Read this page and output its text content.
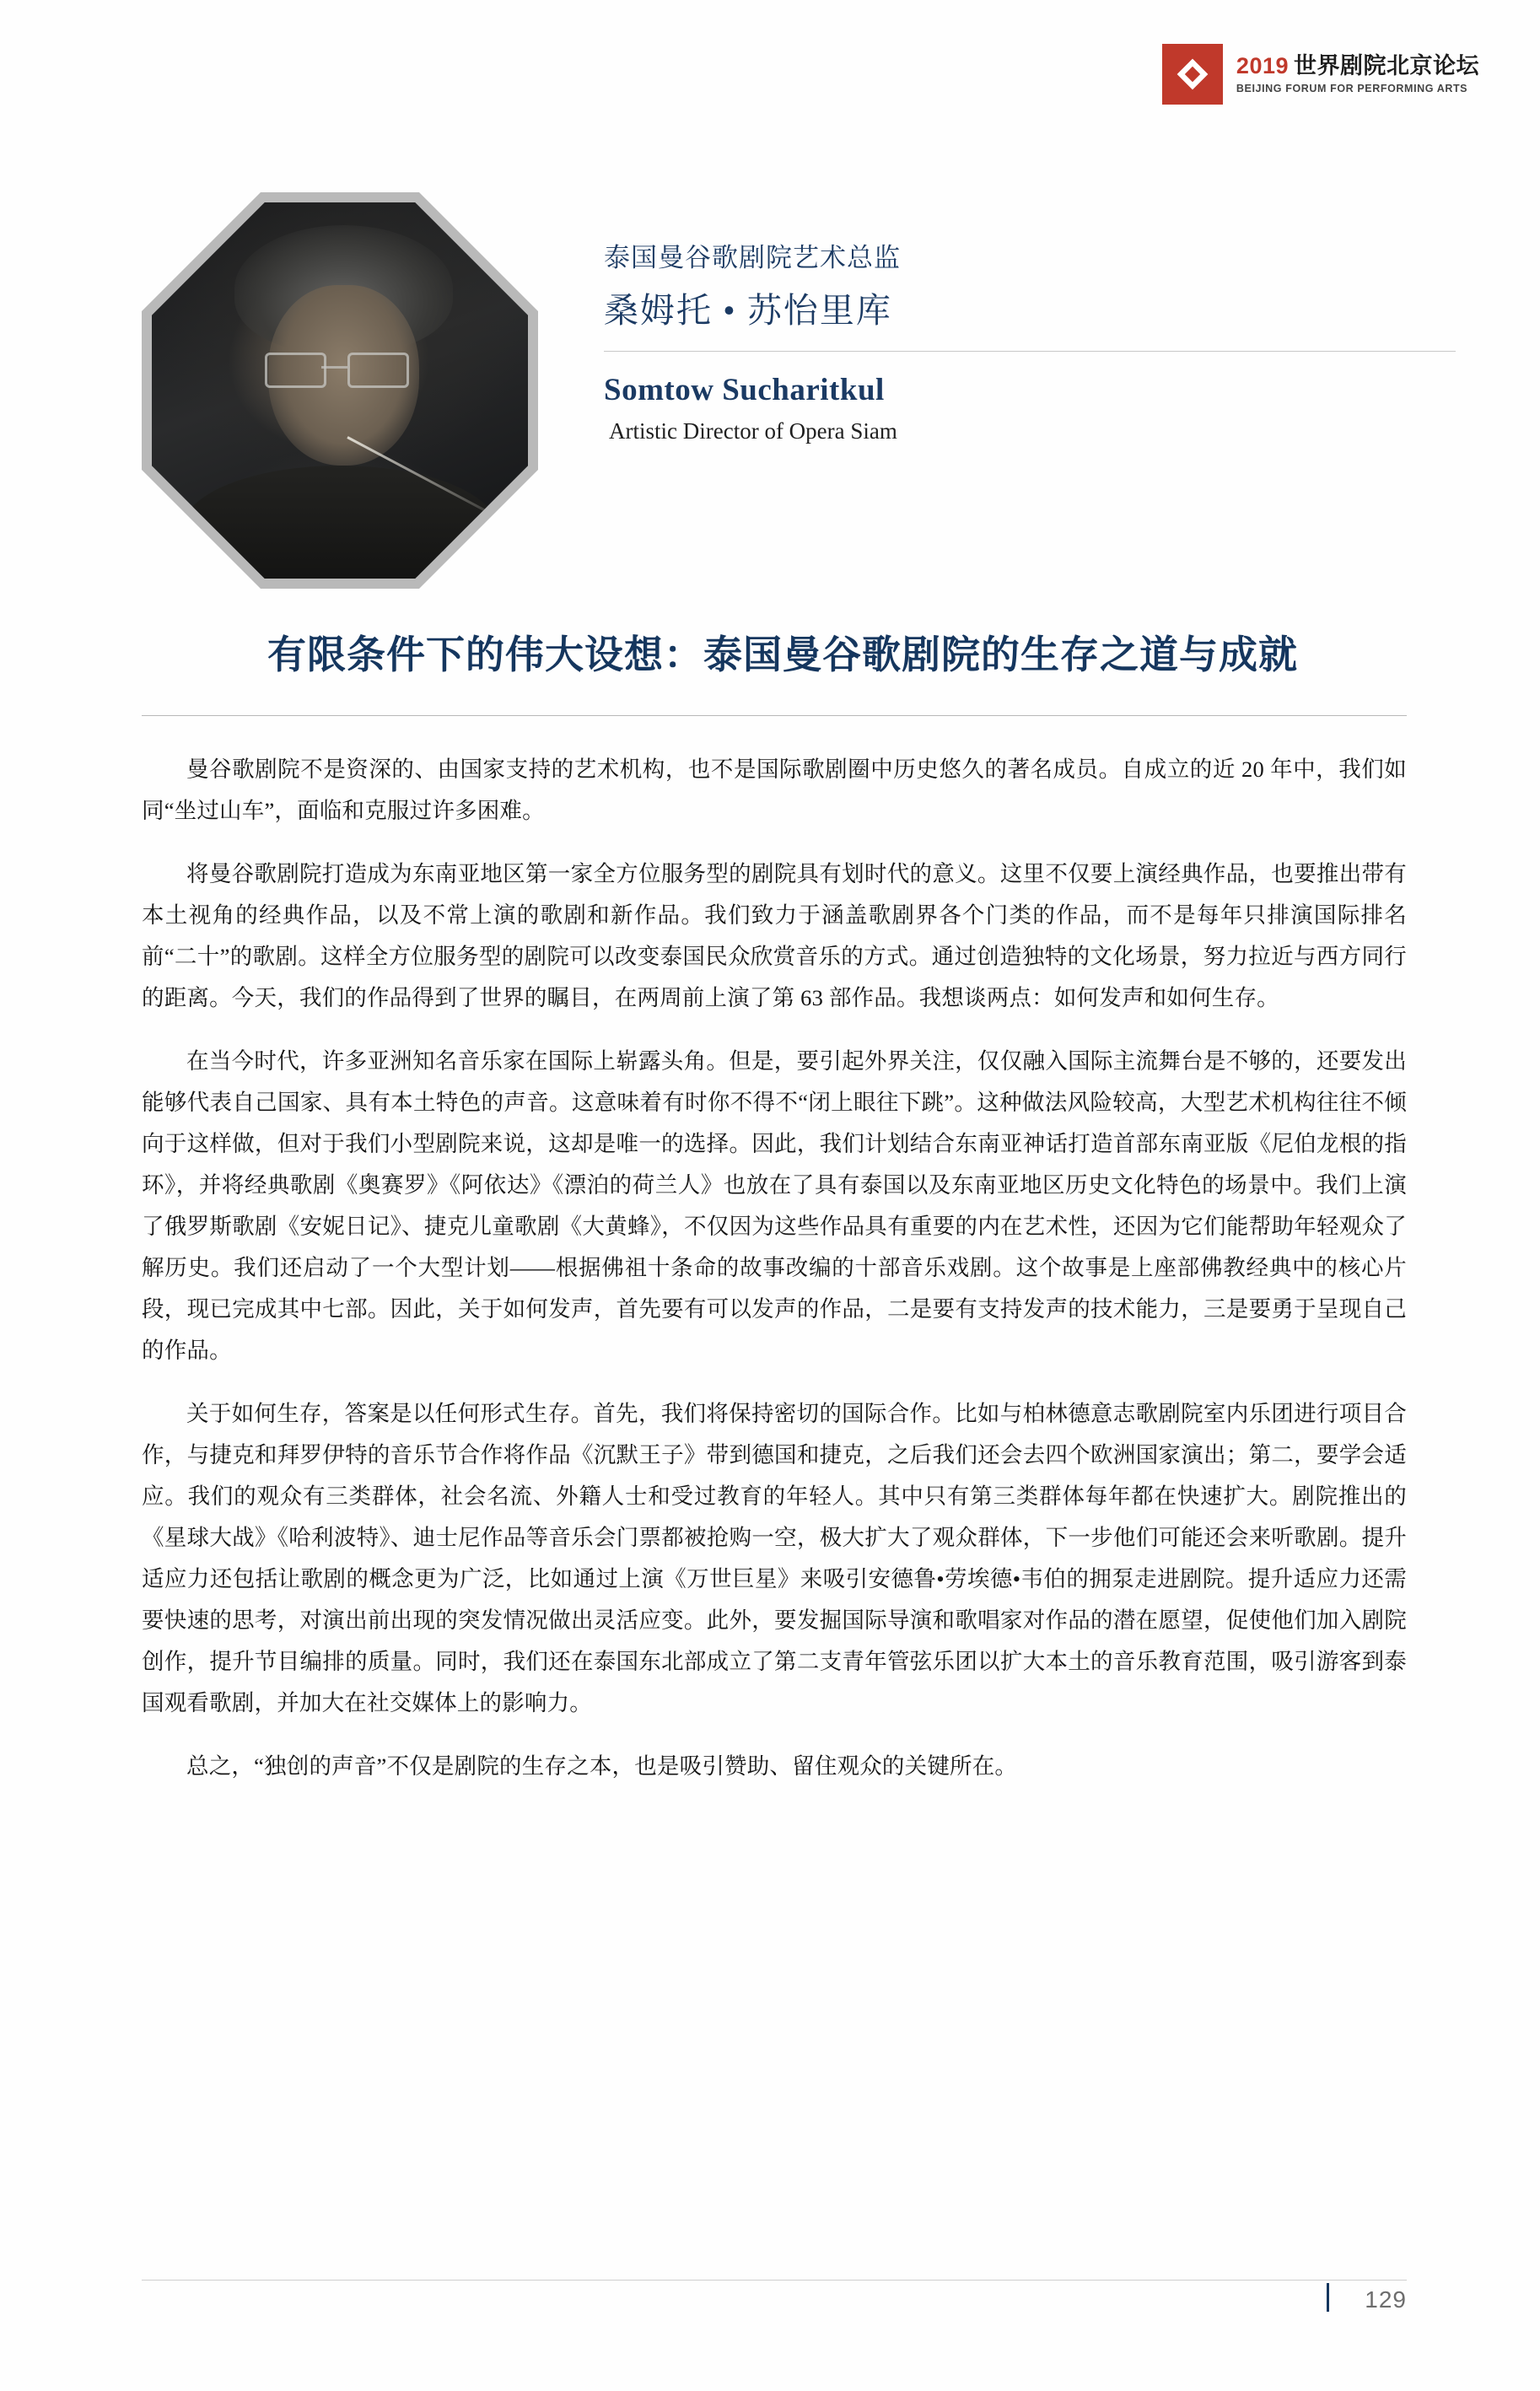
2019 世界剧院北京论坛
BEIJING FORUM FOR PERFORMING ARTS
泰国曼谷歌剧院艺术总监
桑姆托 • 苏怡里库
Somtow Sucharitkul
Artistic Director of Opera Siam
有限条件下的伟大设想：泰国曼谷歌剧院的生存之道与成就

曼谷歌剧院不是资深的、由国家支持的艺术机构，也不是国际歌剧圈中历史悠久的著名成员。自成立的近 20 年中，我们如同“坐过山车”，面临和克服过许多困难。

将曼谷歌剧院打造成为东南亚地区第一家全方位服务型的剧院具有划时代的意义。这里不仅要上演经典作品，也要推出带有本土视角的经典作品，以及不常上演的歌剧和新作品。我们致力于涵盖歌剧界各个门类的作品，而不是每年只排演国际排名前“二十”的歌剧。这样全方位服务型的剧院可以改变泰国民众欣赏音乐的方式。通过创造独特的文化场景，努力拉近与西方同行的距离。今天，我们的作品得到了世界的瞩目，在两周前上演了第 63 部作品。我想谈两点：如何发声和如何生存。

在当今时代，许多亚洲知名音乐家在国际上崭露头角。但是，要引起外界关注，仅仅融入国际主流舞台是不够的，还要发出能够代表自己国家、具有本土特色的声音。这意味着有时你不得不“闭上眼往下跳”。这种做法风险较高，大型艺术机构往往不倾向于这样做，但对于我们小型剧院来说，这却是唯一的选择。因此，我们计划结合东南亚神话打造首部东南亚版《尼伯龙根的指环》，并将经典歌剧《奥赛罗》《阿依达》《漂泊的荷兰人》也放在了具有泰国以及东南亚地区历史文化特色的场景中。我们上演了俄罗斯歌剧《安妮日记》、捷克儿童歌剧《大黄蜂》，不仅因为这些作品具有重要的内在艺术性，还因为它们能帮助年轻观众了解历史。我们还启动了一个大型计划——根据佛祖十条命的故事改编的十部音乐戏剧。这个故事是上座部佛教经典中的核心片段，现已完成其中七部。因此，关于如何发声，首先要有可以发声的作品，二是要有支持发声的技术能力，三是要勇于呈现自己的作品。

关于如何生存，答案是以任何形式生存。首先，我们将保持密切的国际合作。比如与柏林德意志歌剧院室内乐团进行项目合作，与捷克和拜罗伊特的音乐节合作将作品《沉默王子》带到德国和捷克，之后我们还会去四个欧洲国家演出；第二，要学会适应。我们的观众有三类群体，社会名流、外籍人士和受过教育的年轻人。其中只有第三类群体每年都在快速扩大。剧院推出的《星球大战》《哈利波特》、迪士尼作品等音乐会门票都被抢购一空，极大扩大了观众群体，下一步他们可能还会来听歌剧。提升适应力还包括让歌剧的概念更为广泛，比如通过上演《万世巨星》来吸引安德鲁•劳埃德•韦伯的拥泵走进剧院。提升适应力还需要快速的思考，对演出前出现的突发情况做出灵活应变。此外，要发掘国际导演和歌唱家对作品的潜在愿望，促使他们加入剧院创作，提升节目编排的质量。同时，我们还在泰国东北部成立了第二支青年管弦乐团以扩大本土的音乐教育范围，吸引游客到泰国观看歌剧，并加大在社交媒体上的影响力。

总之，“独创的声音”不仅是剧院的生存之本，也是吸引赞助、留住观众的关键所在。

129
